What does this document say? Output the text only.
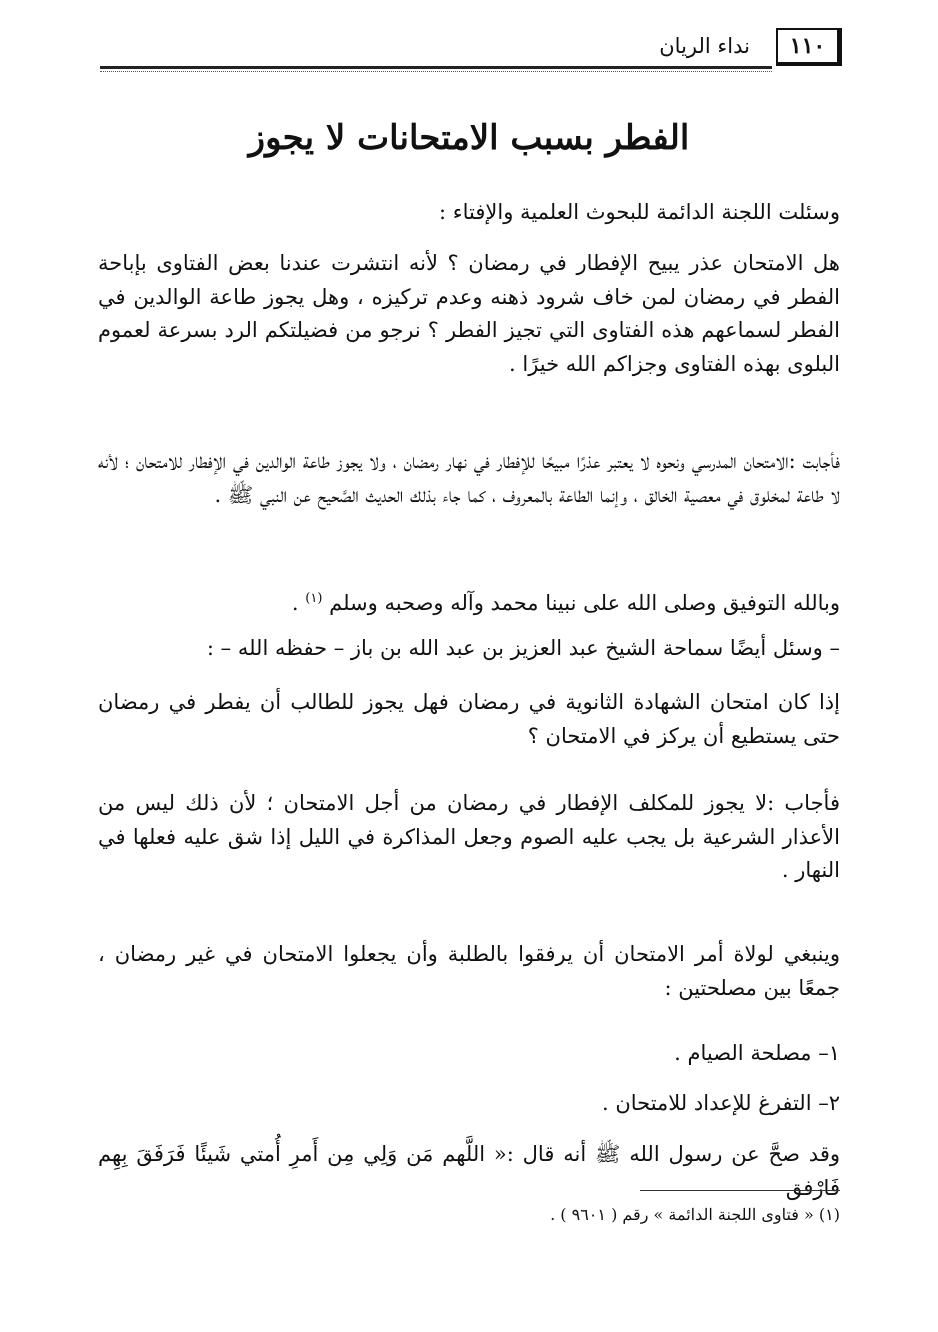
نداء الريان	١١٠
الفطر بسبب الامتحانات لا يجوز

وسئلت اللجنة الدائمة للبحوث العلمية والإفتاء :

هل الامتحان عذر يبيح الإفطار في رمضان ؟ لأنه انتشرت عندنا بعض الفتاوى بإباحة الفطر في رمضان لمن خاف شرود ذهنه وعدم تركيزه ، وهل يجوز طاعة الوالدين في الفطر لسماعهم هذه الفتاوى التي تجيز الفطر ؟ نرجو من فضيلتكم الرد بسرعة لعموم البلوى بهذه الفتاوى وجزاكم الله خيرًا .

فأجابت :الامتحان المدرسي ونحوه لا يعتبر عذرًا مبيحًا للإفطار في نهار رمضان ، ولا يجوز طاعة الوالدين في الإفطار للامتحان ؛ لأنه لا طاعة لمخلوق في معصية الخالق ، وإنما الطاعة بالمعروف ، كما جاء بذلك الحديث الصَّحيح عن النبي ﷺ .

وبالله التوفيق وصلى الله على نبينا محمد وآله وصحبه وسلم $^{(١)}$ .

– وسئل أيضًا سماحة الشيخ عبد العزيز بن عبد الله بن باز – حفظه الله – :

إذا كان امتحان الشهادة الثانوية في رمضان فهل يجوز للطالب أن يفطر في رمضان حتى يستطيع أن يركز في الامتحان ؟

فأجاب :لا يجوز للمكلف الإفطار في رمضان من أجل الامتحان ؛ لأن ذلك ليس من الأعذار الشرعية بل يجب عليه الصوم وجعل المذاكرة في الليل إذا شق عليه فعلها في النهار .

وينبغي لولاة أمر الامتحان أن يرفقوا بالطلبة وأن يجعلوا الامتحان في غير رمضان ، جمعًا بين مصلحتين :

١– مصلحة الصيام .

٢– التفرغ للإعداد للامتحان .

وقد صحَّ عن رسول الله ﷺ أنه قال :« اللَّهم مَن وَلِي مِن أَمرِ أُمتي شَيئًا فَرَفَقَ بِهِم فَارْفق

(١) « فتاوى اللجنة الدائمة » رقم ( ٩٦٠١ ) .
